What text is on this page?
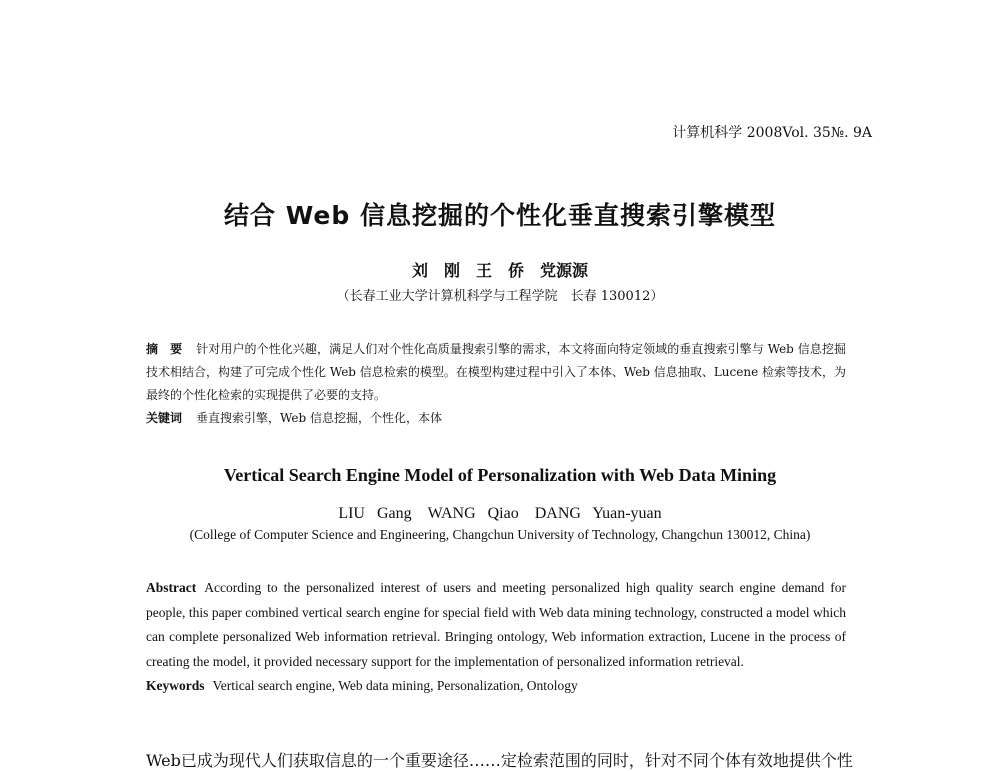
计算机科学 2008Vol. 35№. 9A
结合 Web 信息挖掘的个性化垂直搜索引擎模型
刘　刚　王　侨　党源源
（长春工业大学计算机科学与工程学院　长春 130012）
摘　要 针对用户的个性化兴趣，满足人们对个性化高质量搜索引擎的需求，本文将面向特定领域的垂直搜索引擎与 Web 信息挖掘技术相结合，构建了可完成个性化 Web 信息检索的模型。在模型构建过程中引入了本体、Web 信息抽取、Lucene 检索等技术，为最终的个性化检索的实现提供了必要的支持。
关键词 垂直搜索引擎，Web 信息挖掘，个性化，本体
Vertical Search Engine Model of Personalization with Web Data Mining
LIU Gang　WANG Qiao　DANG Yuan-yuan
(College of Computer Science and Engineering, Changchun University of Technology, Changchun 130012, China)
Abstract According to the personalized interest of users and meeting personalized high quality search engine demand for people, this paper combined vertical search engine for special field with Web data mining technology, constructed a model which can complete personalized Web information retrieval. Bringing ontology, Web information extraction, Lucene in the process of creating the model, it provided necessary support for the implementation of personalized information retrieval.
Keywords Vertical search engine, Web data mining, Personalization, Ontology
Web已成为现代人们获取信息的一个重要途径……定检索范围的同时，针对不同个体有效地提供个性
